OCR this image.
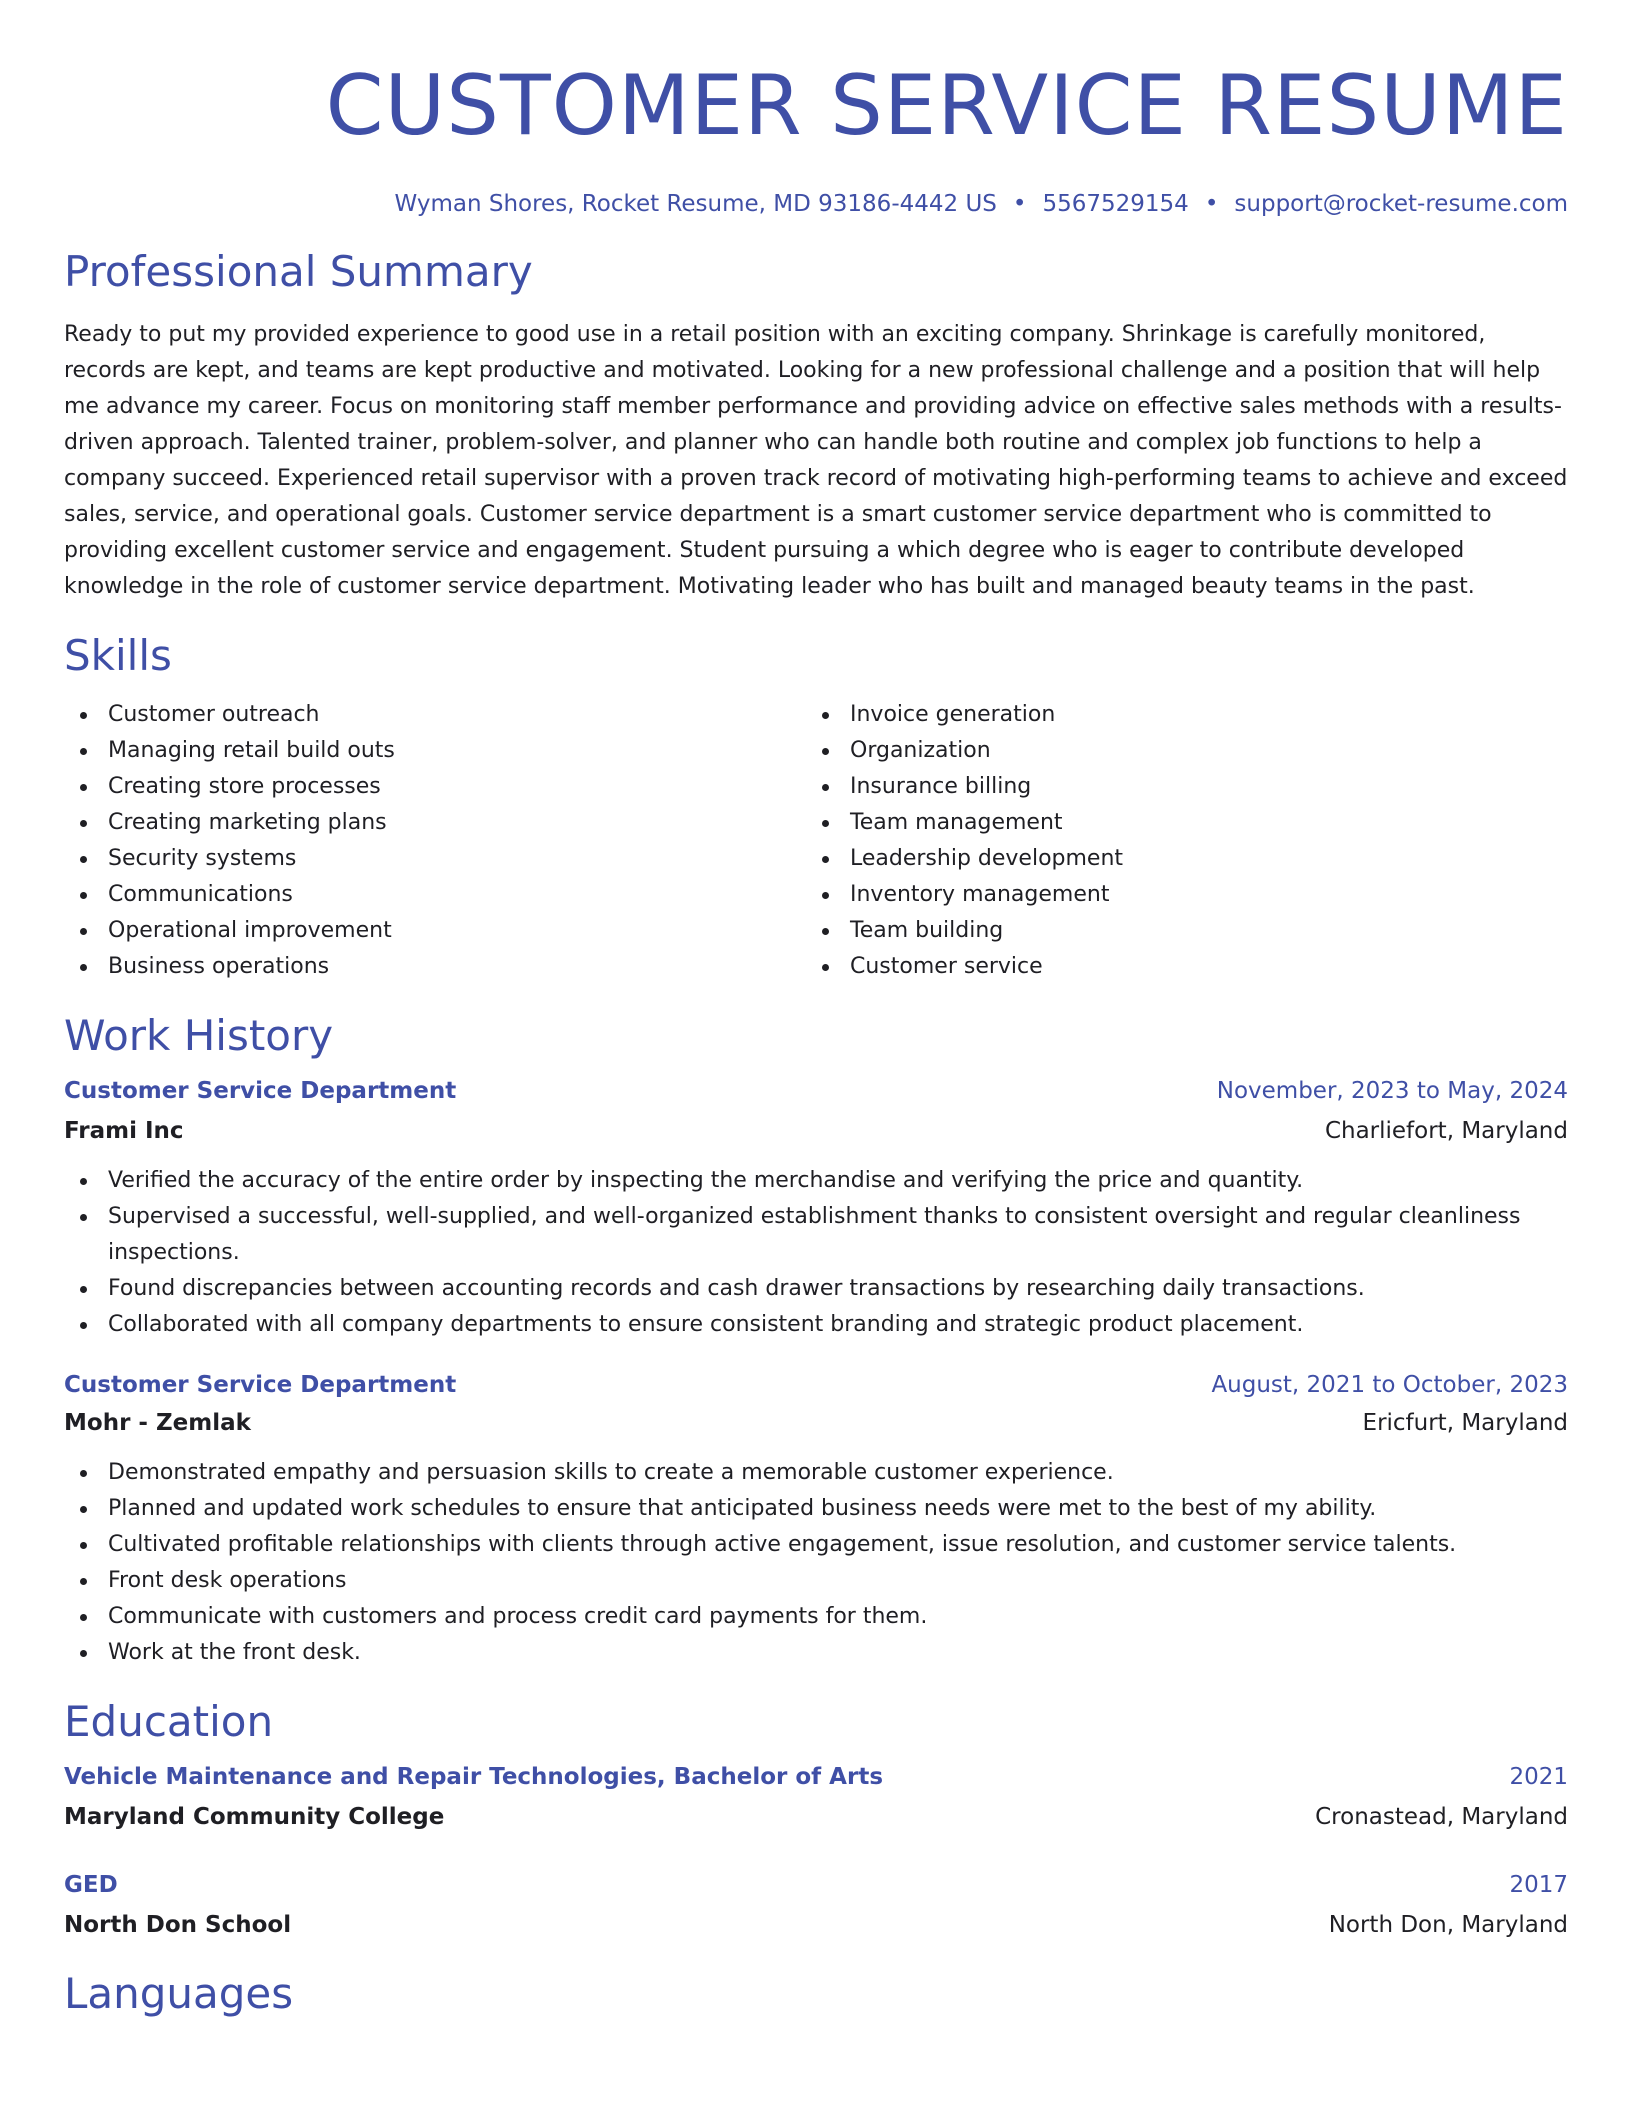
CUSTOMER SERVICE RESUME
Wyman Shores, Rocket Resume, MD 93186-4442 US • 5567529154 • support@rocket-resume.com
Professional Summary
Ready to put my provided experience to good use in a retail position with an exciting company. Shrinkage is carefully monitored, records are kept, and teams are kept productive and motivated. Looking for a new professional challenge and a position that will help me advance my career. Focus on monitoring staff member performance and providing advice on effective sales methods with a results-driven approach. Talented trainer, problem-solver, and planner who can handle both routine and complex job functions to help a company succeed. Experienced retail supervisor with a proven track record of motivating high-performing teams to achieve and exceed sales, service, and operational goals. Customer service department is a smart customer service department who is committed to providing excellent customer service and engagement. Student pursuing a which degree who is eager to contribute developed knowledge in the role of customer service department. Motivating leader who has built and managed beauty teams in the past.
Skills
Customer outreach
Managing retail build outs
Creating store processes
Creating marketing plans
Security systems
Communications
Operational improvement
Business operations
Invoice generation
Organization
Insurance billing
Team management
Leadership development
Inventory management
Team building
Customer service
Work History
Customer Service Department	November, 2023 to May, 2024
Frami Inc	Charliefort, Maryland
Verified the accuracy of the entire order by inspecting the merchandise and verifying the price and quantity.
Supervised a successful, well-supplied, and well-organized establishment thanks to consistent oversight and regular cleanliness inspections.
Found discrepancies between accounting records and cash drawer transactions by researching daily transactions.
Collaborated with all company departments to ensure consistent branding and strategic product placement.
Customer Service Department	August, 2021 to October, 2023
Mohr - Zemlak	Ericfurt, Maryland
Demonstrated empathy and persuasion skills to create a memorable customer experience.
Planned and updated work schedules to ensure that anticipated business needs were met to the best of my ability.
Cultivated profitable relationships with clients through active engagement, issue resolution, and customer service talents.
Front desk operations
Communicate with customers and process credit card payments for them.
Work at the front desk.
Education
Vehicle Maintenance and Repair Technologies, Bachelor of Arts	2021
Maryland Community College	Cronastead, Maryland
GED	2017
North Don School	North Don, Maryland
Languages
